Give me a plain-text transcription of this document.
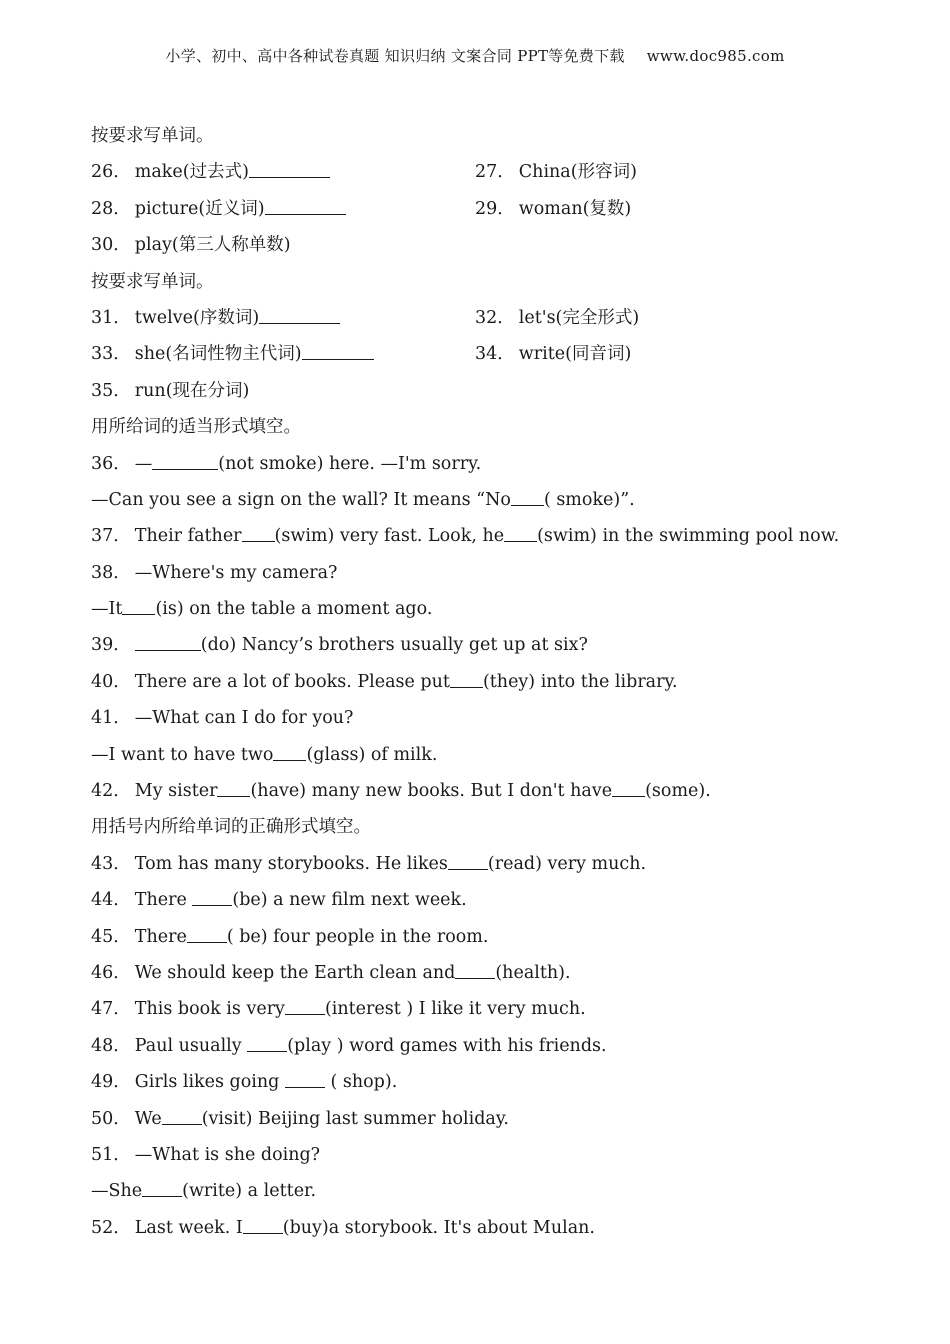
小学、初中、高中各种试卷真题 知识归纳 文案合同 PPT等免费下载 www.doc985.com
按要求写单词。
26． make(过去式)	27． China(形容词)
28． picture(近义词)	29． woman(复数)
30． play(第三人称单数)
按要求写单词。
31． twelve(序数词)	32． let's(完全形式)
33． she(名词性物主代词)	34． write(同音词)
35． run(现在分词)
用所给词的适当形式填空。
36． —	(not smoke) here. —I'm sorry.
—Can you see a sign on the wall? It means “No ( smoke)”.
37． Their father (swim) very fast. Look, he (swim) in the swimming pool now.
38． —Where's my camera?
—It (is) on the table a moment ago.
39．	(do) Nancy’s brothers usually get up at six?
40． There are a lot of books. Please put (they) into the library.
41． —What can I do for you?
—I want to have two (glass) of milk.
42． My sister (have) many new books. But I don't have (some).
用括号内所给单词的正确形式填空。
43． Tom has many storybooks. He likes (read) very much.
44． There (be) a new film next week.
45． There ( be) four people in the room.
46． We should keep the Earth clean and (health).
47． This book is very (interest ) I like it very much.
48． Paul usually (play ) word games with his friends.
49． Girls likes going  ( shop).
50． We (visit) Beijing last summer holiday.
51． —What is she doing?
—She (write) a letter.
52． Last week. I (buy)a storybook. It's about Mulan.
